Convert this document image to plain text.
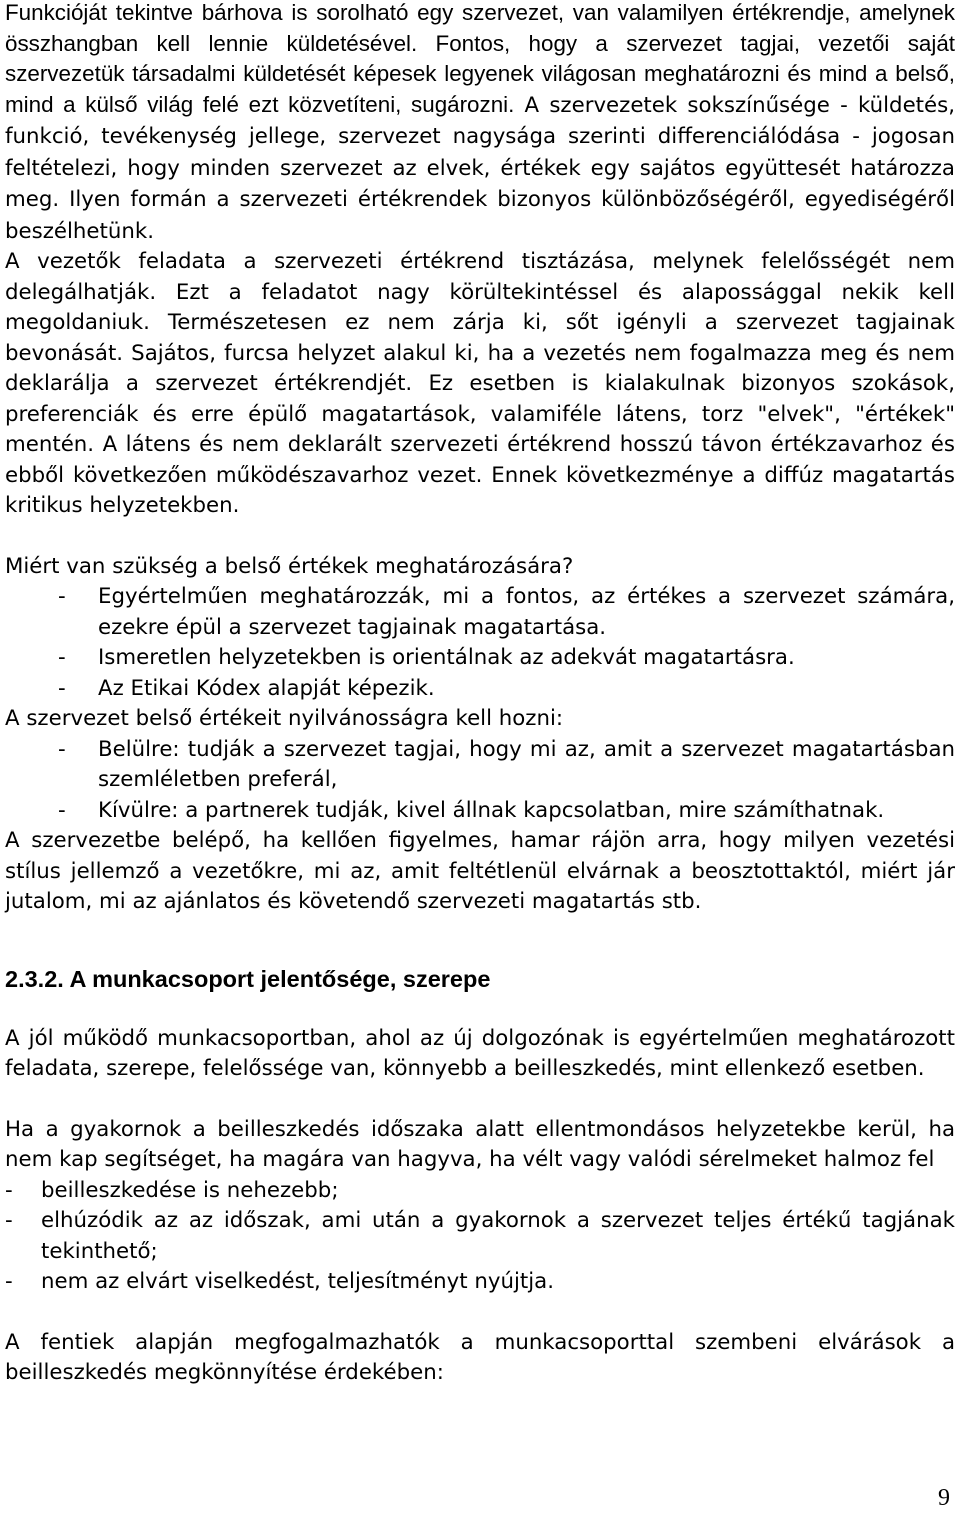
Funkcióját tekintve bárhova is sorolható egy szervezet, van valamilyen értékrendje, amelynek összhangban kell lennie küldetésével. Fontos, hogy a szervezet tagjai, vezetői saját szervezetük társadalmi küldetését képesek legyenek világosan meghatározni és mind a belső, mind a külső világ felé ezt közvetíteni, sugározni. A szervezetek sokszínűsége - küldetés, funkció, tevékenység jellege, szervezet nagysága szerinti differenciálódása - jogosan feltételezi, hogy minden szervezet az elvek, értékek egy sajátos együttesét határozza meg. Ilyen formán a szervezeti értékrendek bizonyos különbözőségéről, egyediségéről beszélhetünk.

A vezetők feladata a szervezeti értékrend tisztázása, melynek felelősségét nem delegálhatják. Ezt a feladatot nagy körültekintéssel és alapossággal nekik kell megoldaniuk. Természetesen ez nem zárja ki, sőt igényli a szervezet tagjainak bevonását. Sajátos, furcsa helyzet alakul ki, ha a vezetés nem fogalmazza meg és nem deklarálja a szervezet értékrendjét. Ez esetben is kialakulnak bizonyos szokások, preferenciák és erre épülő magatartások, valamiféle látens, torz "elvek", "értékek" mentén. A látens és nem deklarált szervezeti értékrend hosszú távon értékzavarhoz és ebből következően működészavarhoz vezet. Ennek következménye a diffúz magatartás kritikus helyzetekben.

Miért van szükség a belső értékek meghatározására?

- Egyértelműen meghatározzák, mi a fontos, az értékes a szervezet számára, ezekre épül a szervezet tagjainak magatartása.
- Ismeretlen helyzetekben is orientálnak az adekvát magatartásra.
- Az Etikai Kódex alapját képezik.

A szervezet belső értékeit nyilvánosságra kell hozni:

- Belülre: tudják a szervezet tagjai, hogy mi az, amit a szervezet magatartásban szemléletben preferál,
- Kívülre: a partnerek tudják, kivel állnak kapcsolatban, mire számíthatnak.

A szervezetbe belépő, ha kellően figyelmes, hamar rájön arra, hogy milyen vezetési stílus jellemző a vezetőkre, mi az, amit feltétlenül elvárnak a beosztottaktól, miért jár jutalom, mi az ajánlatos és követendő szervezeti magatartás stb.

2.3.2. A munkacsoport jelentősége, szerepe

A jól működő munkacsoportban, ahol az új dolgozónak is egyértelműen meghatározott feladata, szerepe, felelőssége van, könnyebb a beilleszkedés, mint ellenkező esetben.

Ha a gyakornok a beilleszkedés időszaka alatt ellentmondásos helyzetekbe kerül, ha nem kap segítséget, ha magára van hagyva, ha vélt vagy valódi sérelmeket halmoz fel

- beilleszkedése is nehezebb;
- elhúzódik az az időszak, ami után a gyakornok a szervezet teljes értékű tagjának tekinthető;
- nem az elvárt viselkedést, teljesítményt nyújtja.

A fentiek alapján megfogalmazhatók a munkacsoporttal szembeni elvárások a beilleszkedés megkönnyítése érdekében:

9
